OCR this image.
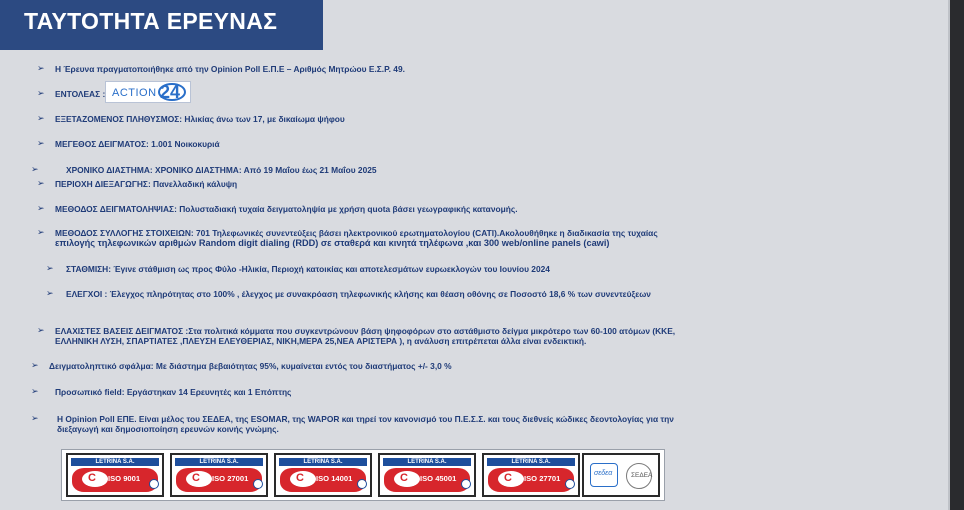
ΤΑΥΤΟΤΗΤΑ ΕΡΕΥΝΑΣ
➢ Η Έρευνα πραγματοποιήθηκε από την Opinion Poll Ε.Π.Ε – Αριθμός Μητρώου Ε.Σ.Ρ. 49.
➢ ΕΝΤΟΛΕΑΣ : ACTION 24
➢ ΕΞΕΤΑΖΟΜΕΝΟΣ ΠΛΗΘΥΣΜΟΣ: Ηλικίας άνω των 17, με δικαίωμα ψήφου
➢ ΜΕΓΕΘΟΣ ΔΕΙΓΜΑΤΟΣ: 1.001 Νοικοκυριά
➢	ΧΡΟΝΙΚΟ ΔΙΑΣΤΗΜΑ: ΧΡΟΝΙΚΟ ΔΙΑΣΤΗΜΑ: Από 19 Μαΐου έως 21 Μαΐου 2025
➢ ΠΕΡΙΟΧΗ ΔΙΕΞΑΓΩΓΗΣ: Πανελλαδική κάλυψη
➢ ΜΕΘΟΔΟΣ ΔΕΙΓΜΑΤΟΛΗΨΙΑΣ: Πολυσταδιακή τυχαία δειγματοληψία με χρήση quota βάσει γεωγραφικής κατανομής.
➢ ΜΕΘΟΔΟΣ ΣΥΛΛΟΓΗΣ ΣΤΟΙΧΕΙΩΝ: 701 Τηλεφωνικές συνεντεύξεις βάσει ηλεκτρονικού ερωτηματολογίου (CATI).Ακολουθήθηκε η διαδικασία της τυχαίας
επιλογής τηλεφωνικών αριθμών Random digit dialing (RDD) σε σταθερά και κινητά τηλέφωνα ,και 300 web/online panels (cawi)
➢ ΣΤΑΘΜΙΣΗ: Έγινε στάθμιση ως προς Φύλο -Ηλικία, Περιοχή κατοικίας και αποτελεσμάτων ευρωεκλογών του Ιουνίου 2024
➢ ΕΛΕΓΧΟΙ : Έλεγχος πληρότητας στο 100% , έλεγχος με συνακρόαση τηλεφωνικής κλήσης και θέαση οθόνης σε Ποσοστό 18,6 % των συνεντεύξεων
➢ ΕΛΑΧΙΣΤΕΣ ΒΑΣΕΙΣ ΔΕΙΓΜΑΤΟΣ :Στα πολιτικά κόμματα που συγκεντρώνουν βάση ψηφοφόρων στο αστάθμιστο δείγμα μικρότερο των 60-100 ατόμων (ΚΚΕ,
ΕΛΛΗΝΙΚΗ ΛΥΣΗ, ΣΠΑΡΤΙΑΤΕΣ ,ΠΛΕΥΣΗ ΕΛΕΥΘΕΡΙΑΣ, ΝΙΚΗ,ΜΕΡΑ 25,ΝΕΑ ΑΡΙΣΤΕΡΑ ), η ανάλυση επιτρέπεται άλλα είναι ενδεικτική.
➢ Δειγματοληπτικό σφάλμα: Με διάστημα βεβαιότητας 95%, κυμαίνεται εντός του διαστήματος +/- 3,0 %
➢ Προσωπικό field: Εργάστηκαν 14 Ερευνητές και 1 Επόπτης
➢ Η Opinion Poll ΕΠΕ. Είναι μέλος του ΣΕΔΕΑ, της ESOMAR, της WAPOR και τηρεί τον κανονισμό του Π.Ε.Σ.Σ. και τους διεθνείς κώδικες δεοντολογίας για την
διεξαγωγή και δημοσιοποίηση ερευνών κοινής γνώμης.
LETRINA S.A.
C ISO 9001
LETRINA S.A.
C ISO 27001
LETRINA S.A.
C ISO 14001
LETRINA S.A.
C ISO 45001
LETRINA S.A.
C ISO 27701
σεδεα	ΣΕΔΕΑ
